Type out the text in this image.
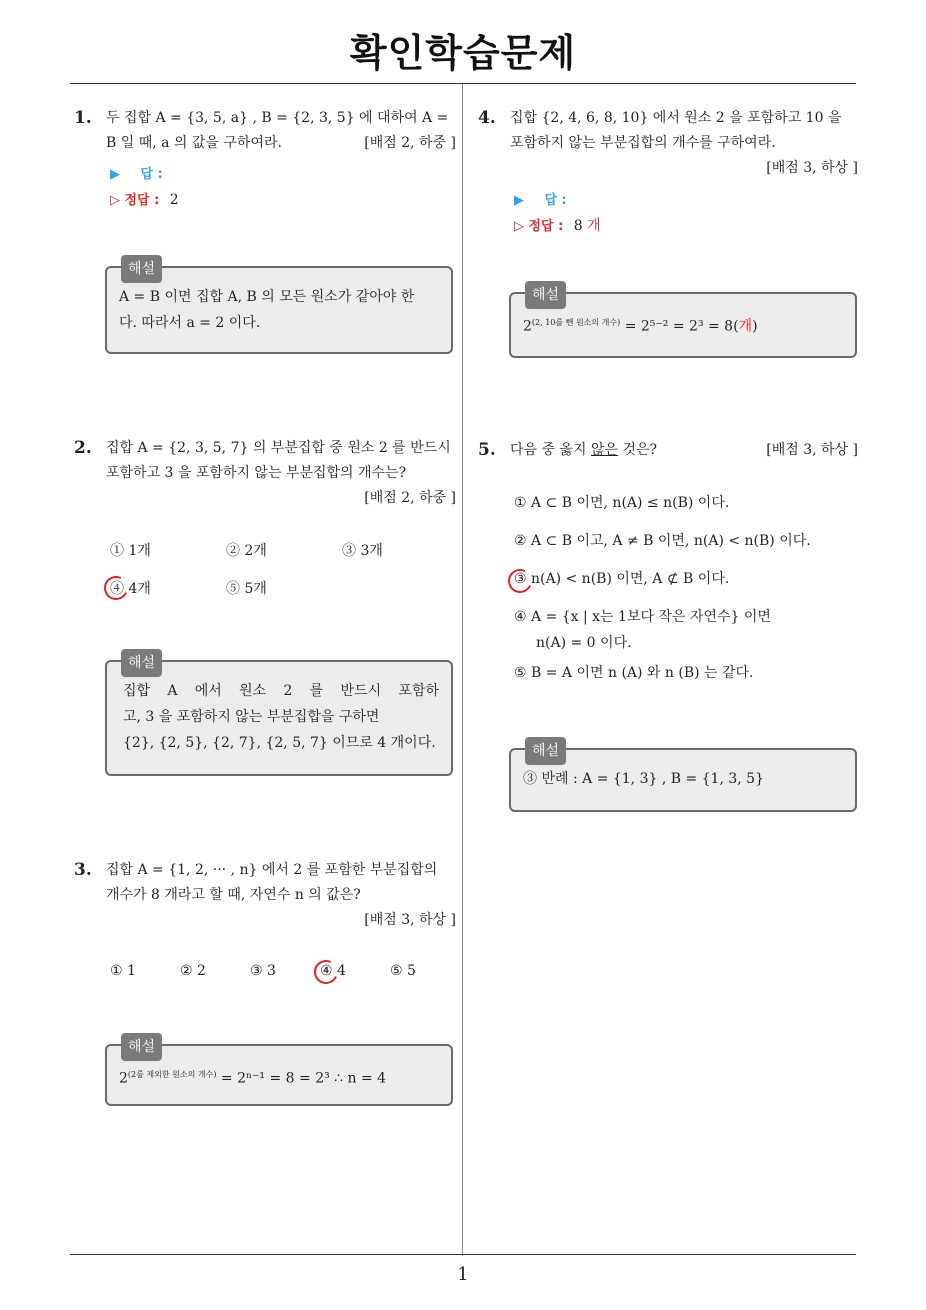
확인학습문제
1
1. 두 집합 A = {3, 5, a} , B = {2, 3, 5} 에 대하여 A =
B 일 때, a 의 값을 구하여라.	[배점 2, 하중 ]
▶ 답 :
▷ 정답 : 2
해설
A = B 이면 집합 A, B 의 모든 원소가 같아야 한
다. 따라서 a = 2 이다.
2. 집합 A = {2, 3, 5, 7} 의 부분집합 중 원소 2 를 반드시
포함하고 3 을 포함하지 않는 부분집합의 개수는?
[배점 2, 하중 ]
① 1개	② 2개	③ 3개
④ 4개	⑤ 5개
해설
집합 A 에서 원소 2 를 반드시 포함하
고, 3 을 포함하지 않는 부분집합을 구하면
{2}, {2, 5}, {2, 7}, {2, 5, 7} 이므로 4 개이다.
3. 집합 A = {1, 2, ··· , n} 에서 2 를 포함한 부분집합의
개수가 8 개라고 할 때, 자연수 n 의 값은?
[배점 3, 하상 ]
① 1	② 2	③ 3	④ 4	⑤ 5
해설
$2^{(2를 제외한 원소의 개수)} = 2^{n-1} = 8 = 2^3$ ∴ n = 4
4. 집합 {2, 4, 6, 8, 10} 에서 원소 2 을 포함하고 10 을
포함하지 않는 부분집합의 개수를 구하여라.
[배점 3, 하상 ]
▶ 답 :
▷ 정답 : 8 개
해설
$2^{(2, 10를 뺀 원소의 개수)} = 2^{5-2} = 2^3 = 8$(개)
5. 다음 중 옳지 않은 것은?	[배점 3, 하상 ]
① A ⊂ B 이면, n(A) ≤ n(B) 이다.
② A ⊂ B 이고, A ≠ B 이면, n(A) < n(B) 이다.
③ n(A) < n(B) 이면, A ⊄ B 이다.
④ A = {x | x는 1보다 작은 자연수} 이면
n(A) = 0 이다.
⑤ B = A 이면 n (A) 와 n (B) 는 같다.
해설
③ 반례 : A = {1, 3} , B = {1, 3, 5}
